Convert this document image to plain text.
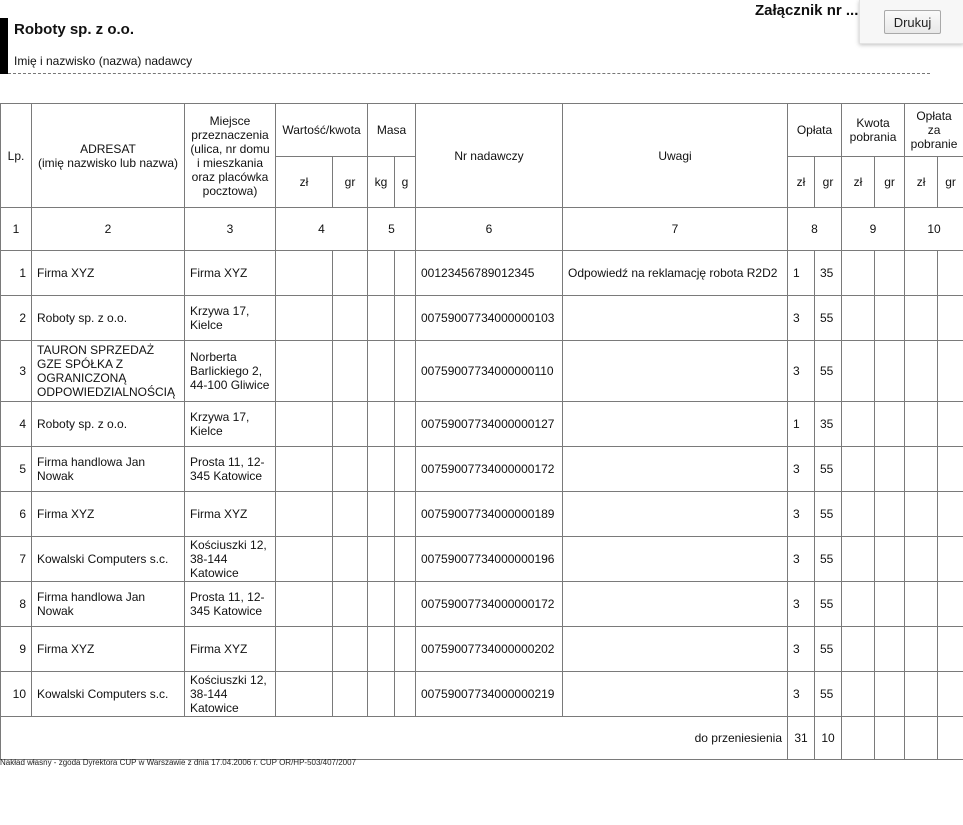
Załącznik nr ...
Drukuj
Roboty sp. z o.o.
Imię i nazwisko (nazwa) nadawcy
Lp.	ADRESAT
(imię nazwisko lub nazwa)	Miejsce przeznaczenia (ulica, nr domu i mieszkania oraz placówka pocztowa)	Wartość/kwota		Masa		Nr nadawczy	Uwagi	Opłata		Kwota pobrania		Opłata za pobranie	
			zł	gr	kg	g			zł	gr	zł	gr	zł	gr
1	2	3	4		5		6	7	8		9		10	
1	Firma XYZ	Firma XYZ					00123456789012345	Odpowiedź na reklamację robota R2D2	1	35				
2	Roboty sp. z o.o.	Krzywa 17, Kielce					00759007734000000103		3	55				
3	TAURON SPRZEDAŻ GZE SPÓŁKA Z OGRANICZONĄ ODPOWIEDZIALNOŚCIĄ	Norberta Barlickiego 2, 44-100 Gliwice					00759007734000000110		3	55				
4	Roboty sp. z o.o.	Krzywa 17, Kielce					00759007734000000127		1	35				
5	Firma handlowa Jan Nowak	Prosta 11, 12-345 Katowice					00759007734000000172		3	55				
6	Firma XYZ	Firma XYZ					00759007734000000189		3	55				
7	Kowalski Computers s.c.	Kościuszki 12, 38-144 Katowice					00759007734000000196		3	55				
8	Firma handlowa Jan Nowak	Prosta 11, 12-345 Katowice					00759007734000000172		3	55				
9	Firma XYZ	Firma XYZ					00759007734000000202		3	55				
10	Kowalski Computers s.c.	Kościuszki 12, 38-144 Katowice					00759007734000000219		3	55				
do przeniesienia									31	10				
Nakład własny - zgoda Dyrektora CUP w Warszawie z dnia 17.04.2006 r. CUP OR/HP-503/407/2007
